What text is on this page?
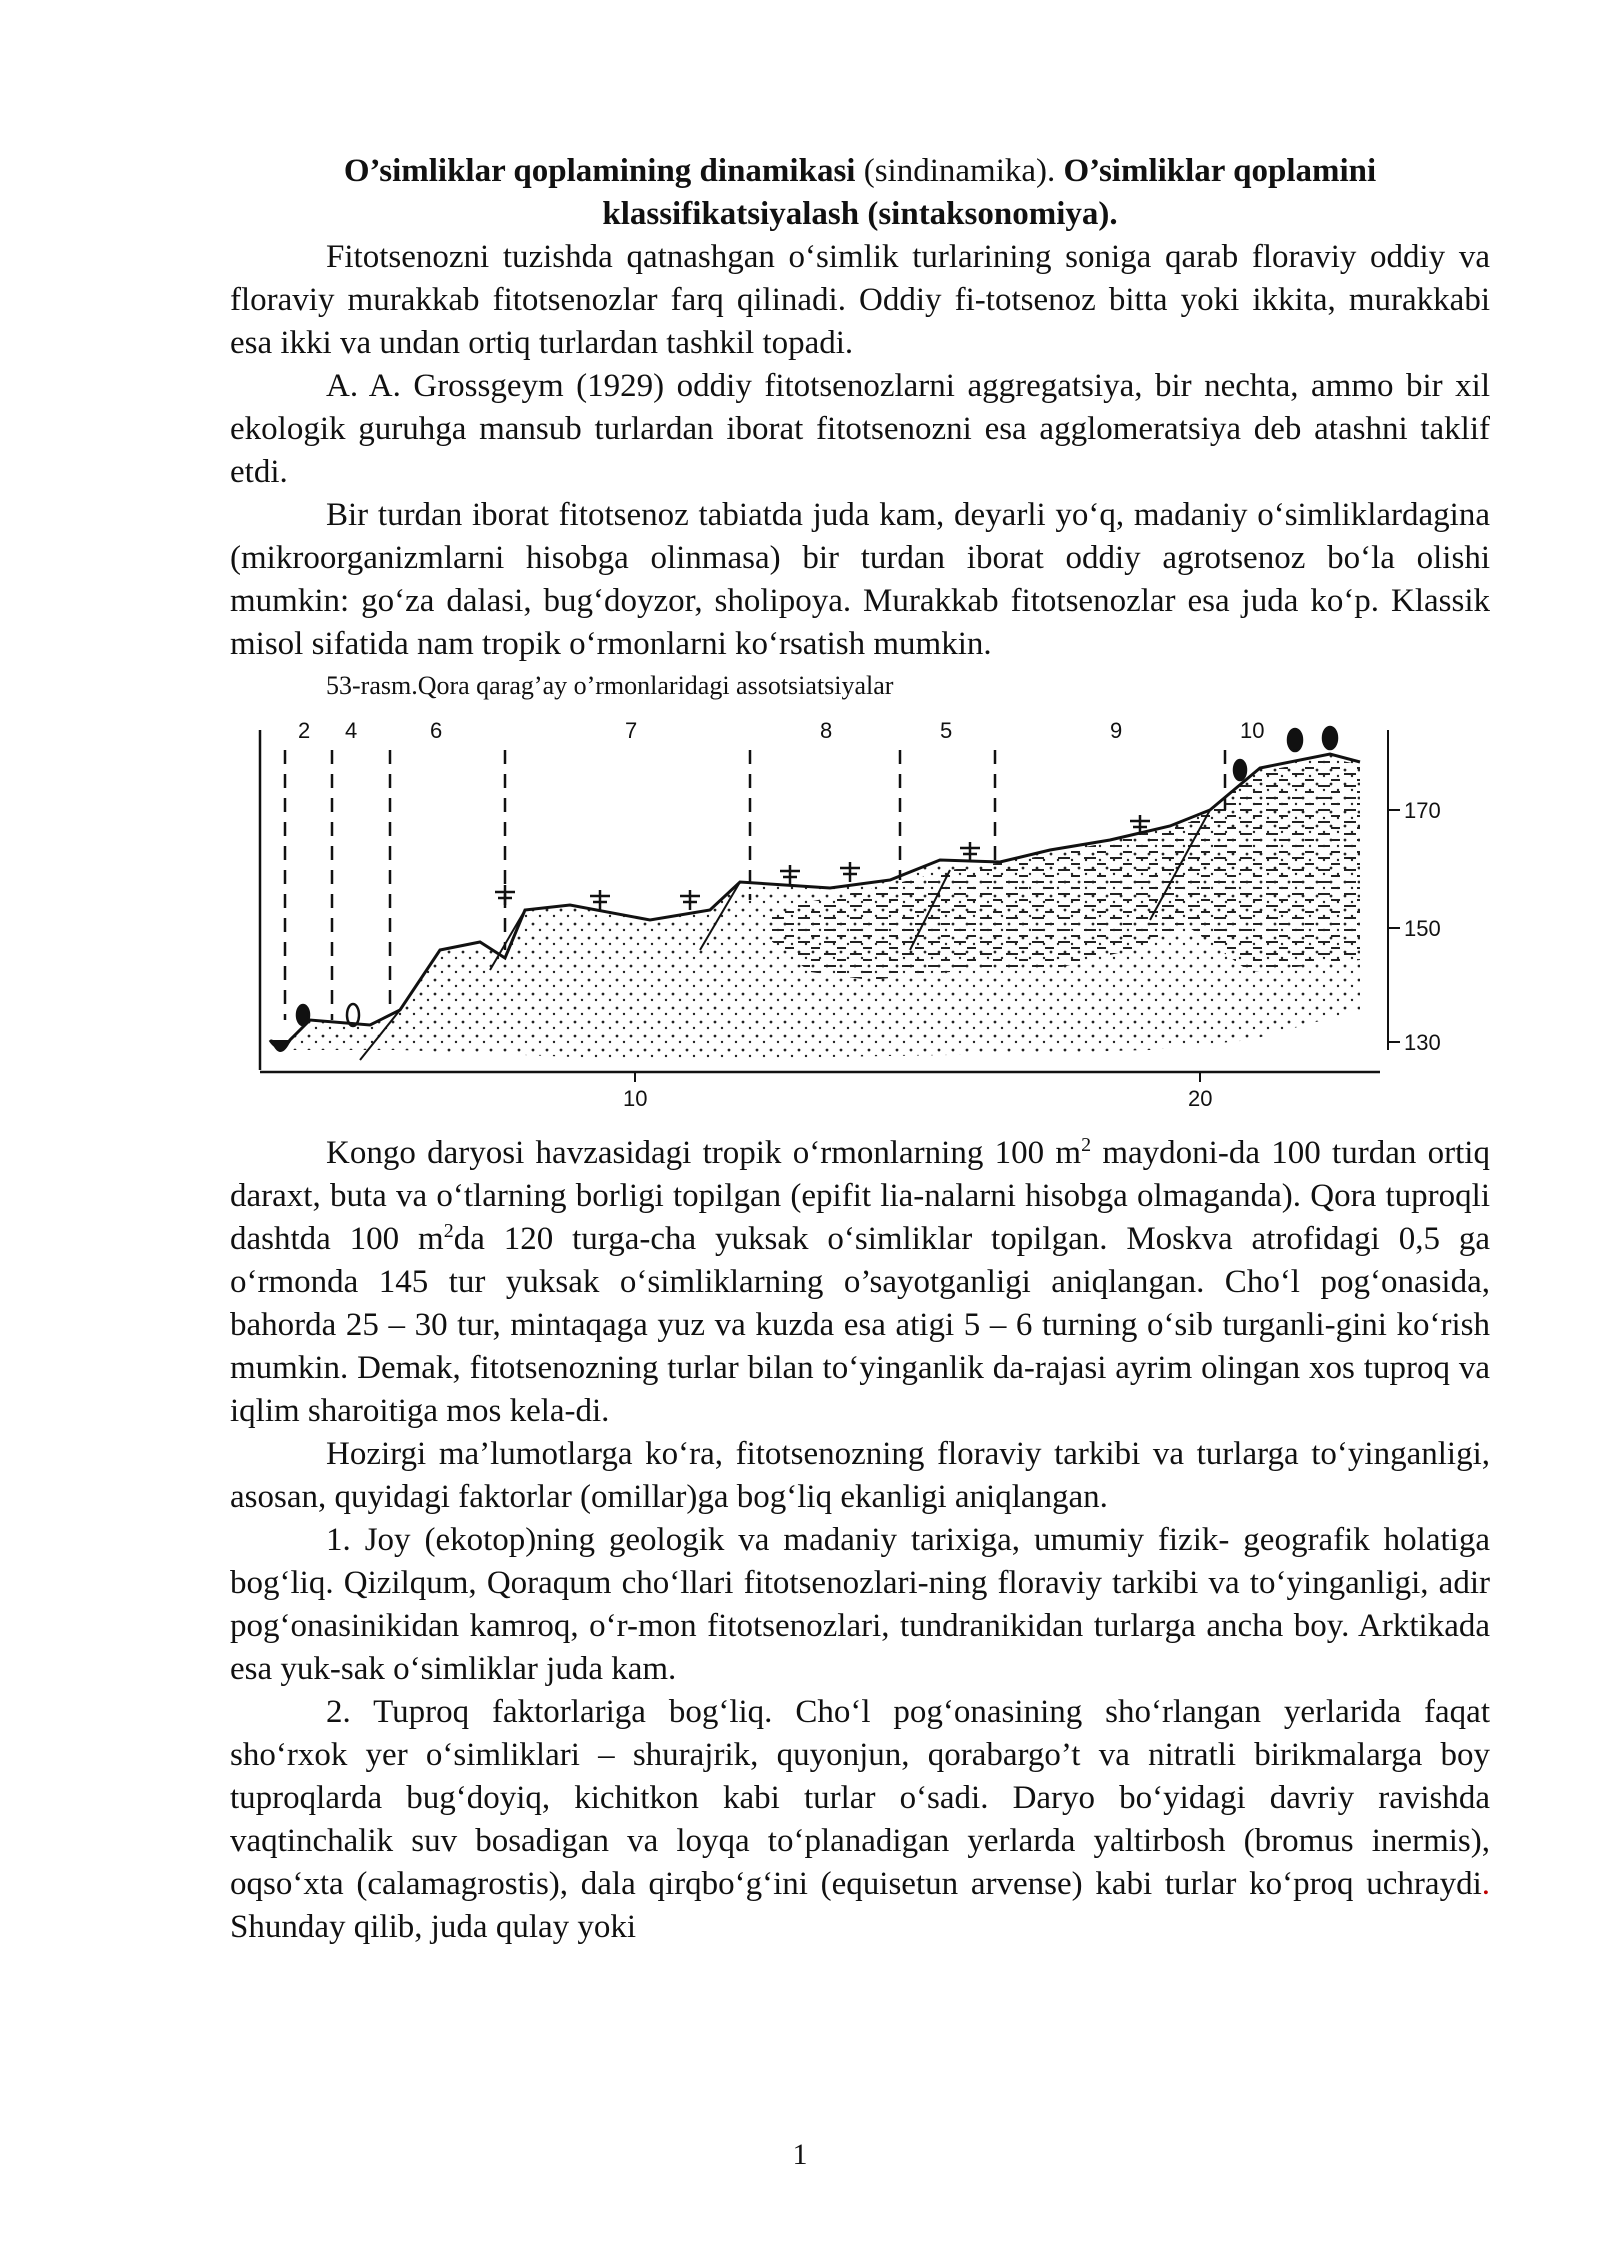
O’simliklar qoplamining dinamikasi (sindinamika). O’simliklar qoplamini klassifikatsiyalash (sintaksonomiya).

Fitotsenozni tuzishda qatnashgan o‘simlik turlarining soniga qarab floraviy oddiy va floraviy murakkab fitotsenozlar farq qilinadi. Oddiy fi-totsenoz bitta yoki ikkita, murakkabi esa ikki va undan ortiq turlardan tashkil topadi.

A. A. Grossgeym (1929) oddiy fitotsenozlarni aggregatsiya, bir nechta, ammo bir xil ekologik guruhga mansub turlardan iborat fitotsenozni esa agglomeratsiya deb atashni taklif etdi.

Bir turdan iborat fitotsenoz tabiatda juda kam, deyarli yo‘q, madaniy o‘simliklardagina (mikroorganizmlarni hisobga olinmasa) bir turdan iborat oddiy agrotsenoz bo‘la olishi mumkin: go‘za dalasi, bug‘doyzor, sholipoya. Murakkab fitotsenozlar esa juda ko‘p. Klassik misol sifatida nam tropik o‘rmonlarni ko‘rsatish mumkin.

53-rasm.Qora qarag’ay o’rmonlaridagi assotsiatsiyalar

2 4	6	7	8	5	9	10
170
150
130
10	20

Kongo daryosi havzasidagi tropik o‘rmonlarning 100 $m^2$ maydoni-da 100 turdan ortiq daraxt, buta va o‘tlarning borligi topilgan (epifit lia-nalarni hisobga olmaganda). Qora tuproqli dashtda 100 $m^2da$ 120 turga-cha yuksak o‘simliklar topilgan. Moskva atrofidagi 0,5 ga o‘rmonda 145 tur yuksak o‘simliklarning o’sayotganligi aniqlangan. Cho‘l pog‘onasida, bahorda 25 – 30 tur, mintaqaga yuz va kuzda esa atigi 5 – 6 turning o‘sib turganli-gini ko‘rish mumkin. Demak, fitotsenozning turlar bilan to‘yinganlik da-rajasi ayrim olingan xos tuproq va iqlim sharoitiga mos kela-di.

Hozirgi ma’lumotlarga ko‘ra, fitotsenozning floraviy tarkibi va turlarga to‘yinganligi, asosan, quyidagi faktorlar (omillar)ga bog‘liq ekanligi aniqlangan.

1. Joy (ekotop)ning geologik va madaniy tarixiga, umumiy fizik- geografik holatiga bog‘liq. Qizilqum, Qoraqum cho‘llari fitotsenozlari-ning floraviy tarkibi va to‘yinganligi, adir pog‘onasinikidan kamroq, o‘r-mon fitotsenozlari, tundranikidan turlarga ancha boy. Arktikada esa yuk-sak o‘simliklar juda kam.

2. Tuproq faktorlariga bog‘liq. Cho‘l pog‘onasining sho‘rlangan yerlarida faqat sho‘rxok yer o‘simliklari – shurajrik, quyonjun, qorabargo’t va nitratli birikmalarga boy tuproqlarda bug‘doyiq, kichitkon kabi turlar o‘sadi. Daryo bo‘yidagi davriy ravishda vaqtinchalik suv bosadigan va loyqa to‘planadigan yerlarda yaltirbosh (bromus inermis), oqso‘xta (calamagrostis), dala qirqbo‘g‘ini (equisetun arvense) kabi turlar ko‘proq uchraydi. Shunday qilib, juda qulay yoki

1
